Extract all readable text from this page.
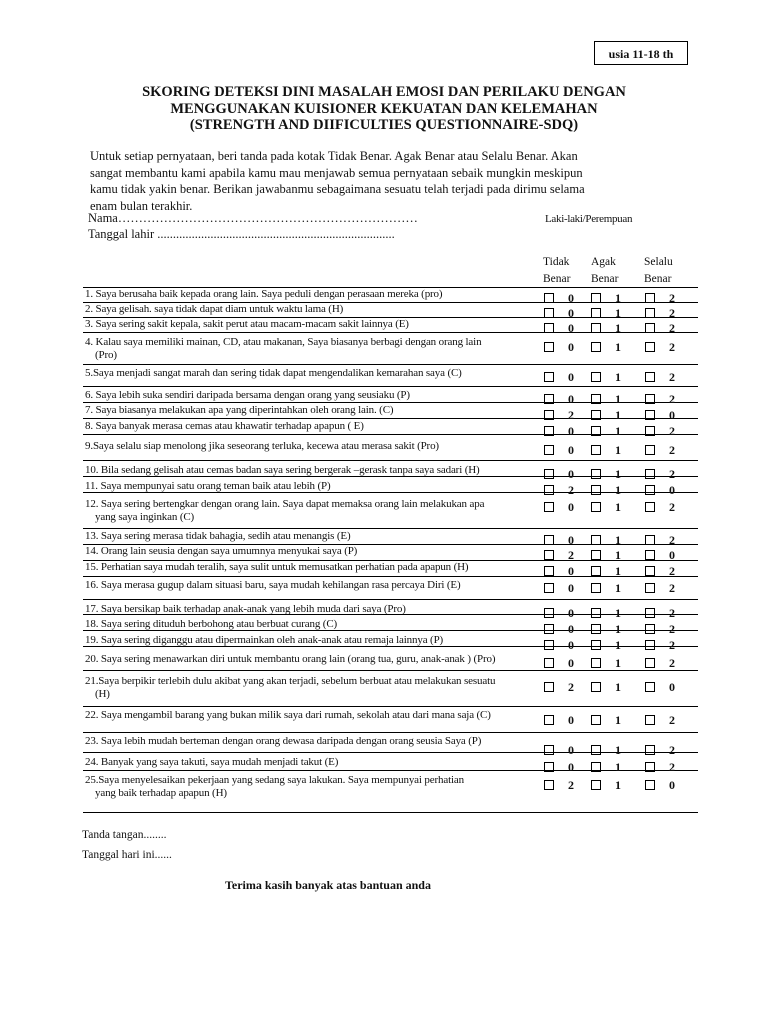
usia 11-18 th
SKORING DETEKSI DINI MASALAH EMOSI DAN PERILAKU DENGAN
MENGGUNAKAN KUISIONER KEKUATAN DAN KELEMAHAN
(STRENGTH AND DIIFICULTIES QUESTIONNAIRE-SDQ)
Untuk setiap pernyataan, beri tanda pada kotak Tidak Benar. Agak Benar atau Selalu Benar. Akan sangat membantu kami apabila kamu mau menjawab semua pernyataan sebaik mungkin meskipun kamu tidak yakin benar. Berikan jawabanmu sebagaimana sesuatu telah terjadi pada dirimu selama enam bulan terakhir.
Nama………………………………………………………………
Tanggal lahir ............................................................................
Laki-laki/Perempuan
Tidak
Benar
Agak
Benar
Selalu
Benar
1. Saya berusaha baik kepada orang lain. Saya peduli dengan perasaan mereka (pro)	0	1	2
2. Saya gelisah. saya tidak dapat diam untuk waktu lama (H)	0	1	2
3. Saya sering sakit kepala, sakit perut atau macam-macam sakit lainnya (E)	0	1	2
4. Kalau saya memiliki mainan, CD, atau makanan, Saya biasanya berbagi dengan orang lain
(Pro)
0	1	2
5.Saya menjadi sangat marah dan sering tidak dapat mengendalikan kemarahan saya (C)	0	1	2
6. Saya lebih suka sendiri daripada bersama dengan orang yang seusiaku (P)	0	1	2
7. Saya biasanya melakukan apa yang diperintahkan oleh orang lain. (C)	2	1	0
8. Saya banyak merasa cemas atau khawatir terhadap apapun ( E)	0	1	2
9.Saya selalu siap menolong jika seseorang terluka, kecewa atau merasa sakit (Pro)	0	1	2
10. Bila sedang gelisah atau cemas badan saya sering bergerak –gerask tanpa saya sadari (H)	0	1	2
11. Saya mempunyai satu orang teman baik atau lebih (P)	2	1	0
12. Saya sering bertengkar dengan orang lain. Saya dapat memaksa orang lain melakukan apa
yang saya inginkan (C)
0	1	2
13. Saya sering merasa tidak bahagia, sedih atau menangis (E)	0	1	2
14. Orang lain seusia dengan saya umumnya menyukai saya (P)	2	1	0
15. Perhatian saya mudah teralih, saya sulit untuk memusatkan perhatian pada apapun (H)	0	1	2
16. Saya merasa gugup dalam situasi baru, saya mudah kehilangan rasa percaya Diri (E)	0	1	2
17. Saya bersikap baik terhadap anak-anak yang lebih muda dari saya (Pro)	0	1	2
18. Saya sering dituduh berbohong atau berbuat curang (C)	0	1	2
19. Saya sering diganggu atau dipermainkan oleh anak-anak atau remaja lainnya (P)	0	1	2
20. Saya sering menawarkan diri untuk membantu orang lain (orang tua, guru, anak-anak ) (Pro)	0	1	2
21.Saya berpikir terlebih dulu akibat yang akan terjadi, sebelum berbuat atau melakukan sesuatu
(H)	2	1	0
22. Saya mengambil barang yang bukan milik saya dari rumah, sekolah atau dari mana saja (C)	0	1	2
23. Saya lebih mudah berteman dengan orang dewasa daripada dengan orang seusia Saya (P)
0	1	2
24. Banyak yang saya takuti, saya mudah menjadi takut (E)	0	1	2
25.Saya menyelesaikan pekerjaan yang sedang saya lakukan. Saya mempunyai perhatian
yang baik terhadap apapun (H)
2	1	0
Tanda tangan........
Tanggal hari ini......
Terima kasih banyak atas bantuan anda
